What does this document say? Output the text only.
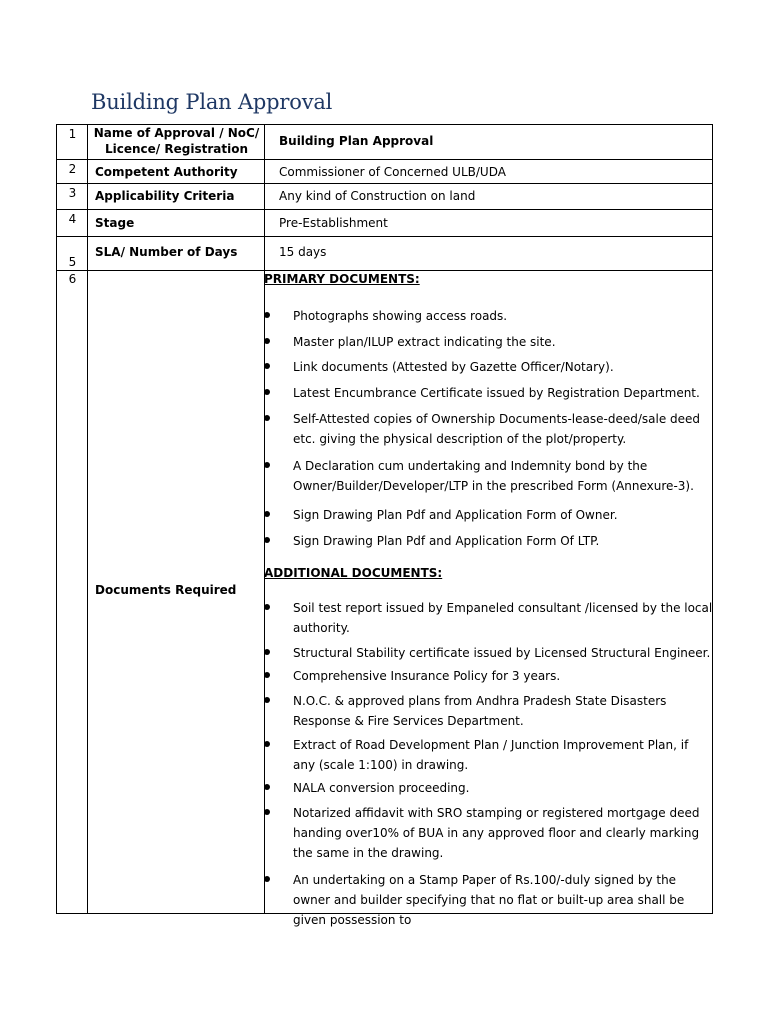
Building Plan Approval
1
2
3
4
5
6
Name of Approval / NoC/ Licence/ Registration
Competent Authority
Applicability Criteria
Stage
SLA/ Number of Days
Documents Required
Building Plan Approval
Commissioner of Concerned ULB/UDA
Any kind of Construction on land
Pre-Establishment
15 days
PRIMARY DOCUMENTS:
Photographs showing access roads.
Master plan/ILUP extract indicating the site.
Link documents (Attested by Gazette Officer/Notary).
Latest Encumbrance Certificate issued by Registration Department.
Self-Attested copies of Ownership Documents-lease-deed/sale deed etc. giving the physical description of the plot/property.
A Declaration cum undertaking and Indemnity bond by the Owner/Builder/Developer/LTP in the prescribed Form (Annexure-3).
Sign Drawing Plan Pdf and Application Form of Owner.
Sign Drawing Plan Pdf and Application Form Of LTP.
ADDITIONAL DOCUMENTS:
Soil test report issued by Empaneled consultant /licensed by the local authority.
Structural Stability certificate issued by Licensed Structural Engineer.
Comprehensive Insurance Policy for 3 years.
N.O.C. & approved plans from Andhra Pradesh State Disasters Response & Fire Services Department.
Extract of Road Development Plan / Junction Improvement Plan, if any (scale 1:100) in drawing.
NALA conversion proceeding.
Notarized affidavit with SRO stamping or registered mortgage deed handing over10% of BUA in any approved floor and clearly marking the same in the drawing.
An undertaking on a Stamp Paper of Rs.100/-duly signed by the owner and builder specifying that no flat or built-up area shall be given possession to
